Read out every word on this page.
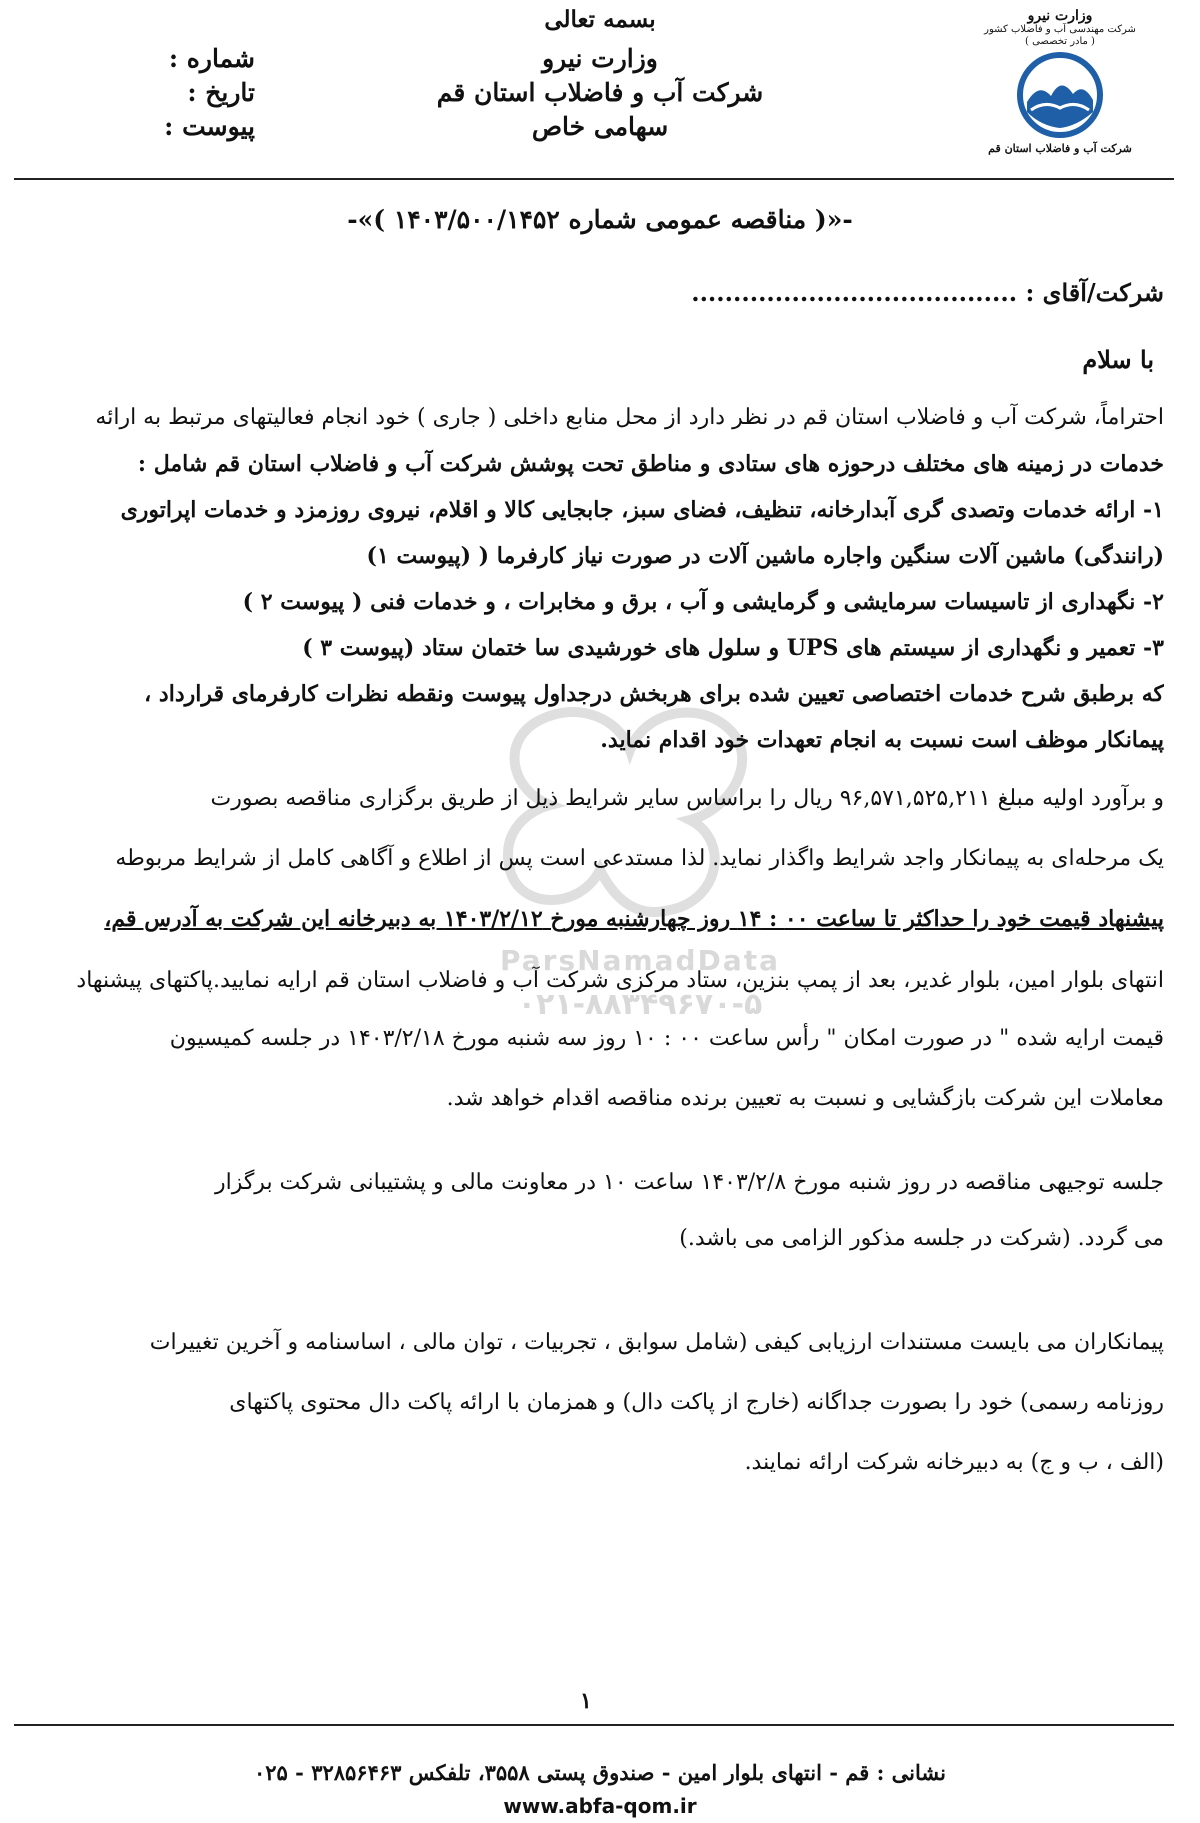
بسمه تعالی
وزارت نیرو
شرکت آب و فاضلاب استان قم
سهامی خاص
شماره :
تاریخ :
پیوست :
وزارت نیرو
شرکت مهندسی آب و فاضلاب کشور
( مادر تخصصی )
شرکت آب و فاضلاب استان قم
-«( مناقصه عمومی شماره ۱۴۰۳/۵۰۰/۱۴۵۲ )»-
شرکت/آقای : .......................................
با سلام
ParsNamadData
۰۲۱-۸۸۳۴۹۶۷۰-۵
احتراماً، شرکت آب و فاضلاب استان قم در نظر دارد از محل منابع داخلی ( جاری ) خود انجام فعالیتهای مرتبط به ارائه
خدمات در زمینه های مختلف درحوزه های ستادی و مناطق تحت پوشش شرکت آب و فاضلاب استان قم شامل :
۱- ارائه خدمات وتصدی گری آبدارخانه، تنظیف، فضای سبز، جابجایی کالا و اقلام، نیروی روزمزد و خدمات اپراتوری
(رانندگی) ماشین آلات سنگین واجاره ماشین آلات در صورت نیاز کارفرما ( (پیوست ۱)
۲- نگهداری از تاسیسات سرمایشی و گرمایشی و آب ، برق و مخابرات ، و خدمات فنی ( پیوست ۲ )
۳- تعمیر و نگهداری از سیستم های UPS و سلول های خورشیدی سا ختمان ستاد (پیوست ۳ )
که برطبق شرح خدمات اختصاصی تعیین شده برای هربخش درجداول پیوست ونقطه نظرات کارفرمای قرارداد ،
پیمانکار موظف است نسبت به انجام تعهدات خود اقدام نماید.
و برآورد اولیه مبلغ ۹۶,۵۷۱,۵۲۵,۲۱۱ ریال را براساس سایر شرایط ذیل از طریق برگزاری مناقصه بصورت
یک مرحله‌ای به پیمانکار واجد شرایط واگذار نماید. لذا مستدعی است پس از اطلاع و آگاهی کامل از شرایط مربوطه
پیشنهاد قیمت خود را حداکثر تا ساعت ۰۰ : ۱۴ روز چهارشنبه مورخ ۱۴۰۳/۲/۱۲ به دبیرخانه این شرکت به آدرس قم،
انتهای بلوار امین، بلوار غدیر، بعد از پمپ بنزین، ستاد مرکزی شرکت آب و فاضلاب استان قم ارایه نمایید.پاکتهای پیشنهاد
قیمت ارایه شده " در صورت امکان " رأس ساعت ۰۰ : ۱۰ روز سه شنبه مورخ ۱۴۰۳/۲/۱۸ در جلسه کمیسیون
معاملات این شرکت بازگشایی و نسبت به تعیین برنده مناقصه اقدام خواهد شد.
جلسه توجیهی مناقصه در روز شنبه مورخ ۱۴۰۳/۲/۸ ساعت ۱۰ در معاونت مالی و پشتیبانی شرکت برگزار
می گردد. (شرکت در جلسه مذکور الزامی می باشد.)
پیمانکاران می بایست مستندات ارزیابی کیفی (شامل سوابق ، تجربیات ، توان مالی ، اساسنامه و آخرین تغییرات
روزنامه رسمی) خود را بصورت جداگانه (خارج از پاکت دال) و همزمان با ارائه پاکت دال محتوی پاکتهای
(الف ، ب و ج) به دبیرخانه شرکت ارائه نمایند.
۱
نشانی : قم - انتهای بلوار امین - صندوق پستی ۳۵۵۸، تلفکس ۳۲۸۵۶۴۶۳ - ۰۲۵
www.abfa-qom.ir
